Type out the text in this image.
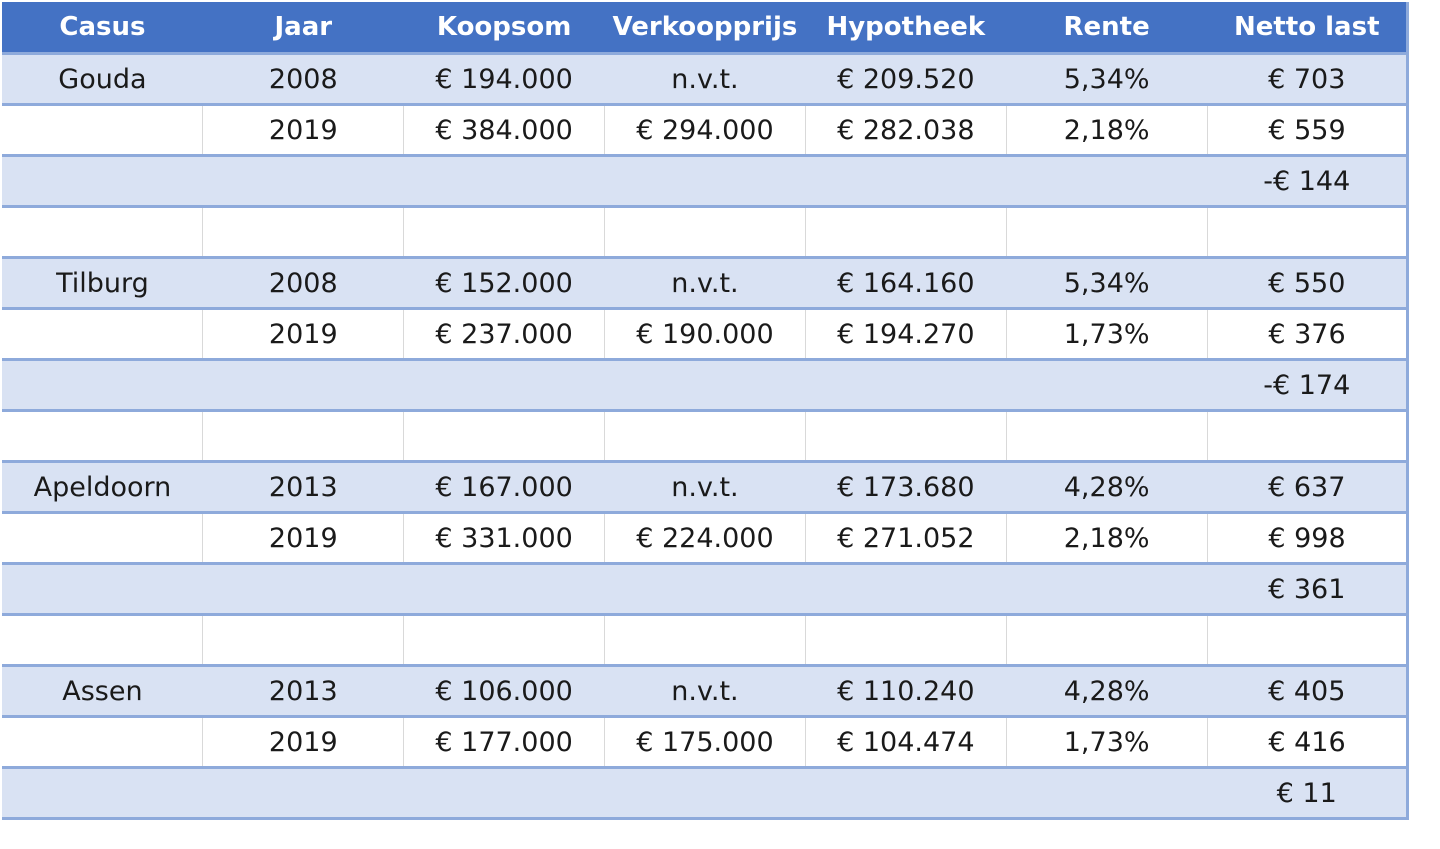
Casus	Jaar	Koopsom	Verkoopprijs	Hypotheek	Rente	Netto last
Gouda	2008	€ 194.000	n.v.t.	€ 209.520	5,34%	€ 703
	2019	€ 384.000	€ 294.000	€ 282.038	2,18%	€ 559
						-€ 144

Tilburg	2008	€ 152.000	n.v.t.	€ 164.160	5,34%	€ 550
	2019	€ 237.000	€ 190.000	€ 194.270	1,73%	€ 376
						-€ 174

Apeldoorn	2013	€ 167.000	n.v.t.	€ 173.680	4,28%	€ 637
	2019	€ 331.000	€ 224.000	€ 271.052	2,18%	€ 998
						€ 361

Assen	2013	€ 106.000	n.v.t.	€ 110.240	4,28%	€ 405
	2019	€ 177.000	€ 175.000	€ 104.474	1,73%	€ 416
						€ 11
